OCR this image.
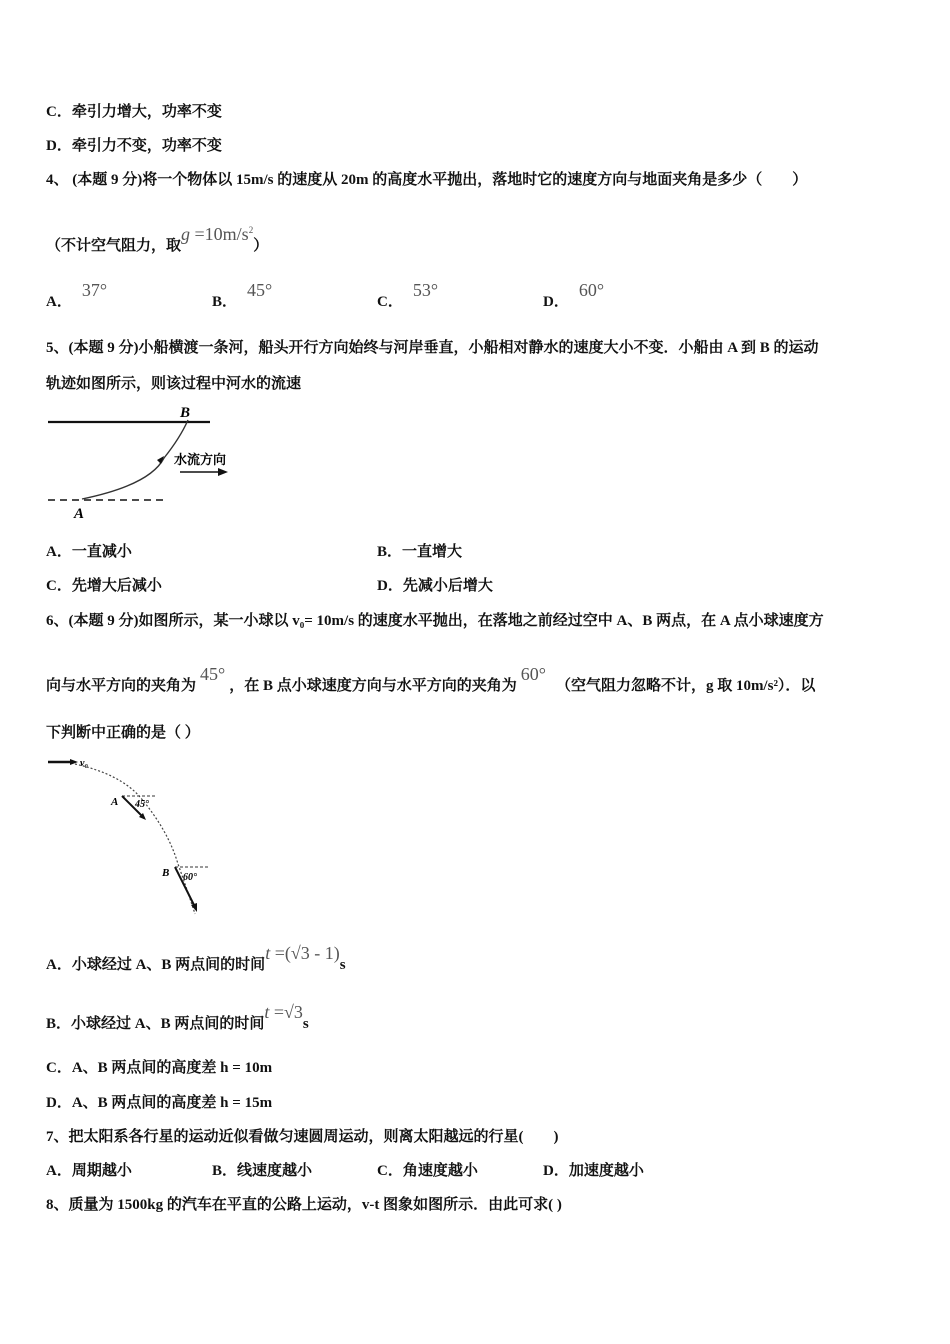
C．牵引力增大，功率不变
D．牵引力不变，功率不变
4、 (本题 9 分)将一个物体以 15m/s 的速度从 20m 的高度水平抛出，落地时它的速度方向与地面夹角是多少（　　）
（不计空气阻力，取$g =10m/s^2$）
A．37°
B．45°
C．53°
D．60°
5、(本题 9 分)小船横渡一条河，船头开行方向始终与河岸垂直，小船相对静水的速度大小不变．小船由 A 到 B 的运动
轨迹如图所示，则该过程中河水的流速
B
A
水流方向
A．一直减小	B．一直增大
C．先增大后减小	D．先减小后增大
6、(本题 9 分)如图所示，某一小球以 v₀= 10m/s 的速度水平抛出，在落地之前经过空中 A、B 两点，在 A 点小球速度方
向与水平方向的夹角为45°，在 B 点小球速度方向与水平方向的夹角为60°（空气阻力忽略不计，g 取 10m/s²）．以
下判断中正确的是（ ）
v₀
A 45°
B 60°
A．小球经过 A、B 两点间的时间t =(√3 - 1)s
B．小球经过 A、B 两点间的时间t =√3s
C．A、B 两点间的高度差 h = 10m
D．A、B 两点间的高度差 h = 15m
7、把太阳系各行星的运动近似看做匀速圆周运动，则离太阳越远的行星(　　)
A．周期越小	B．线速度越小	C．角速度越小	D．加速度越小
8、质量为 1500kg 的汽车在平直的公路上运动，v-t 图象如图所示．由此可求( )
